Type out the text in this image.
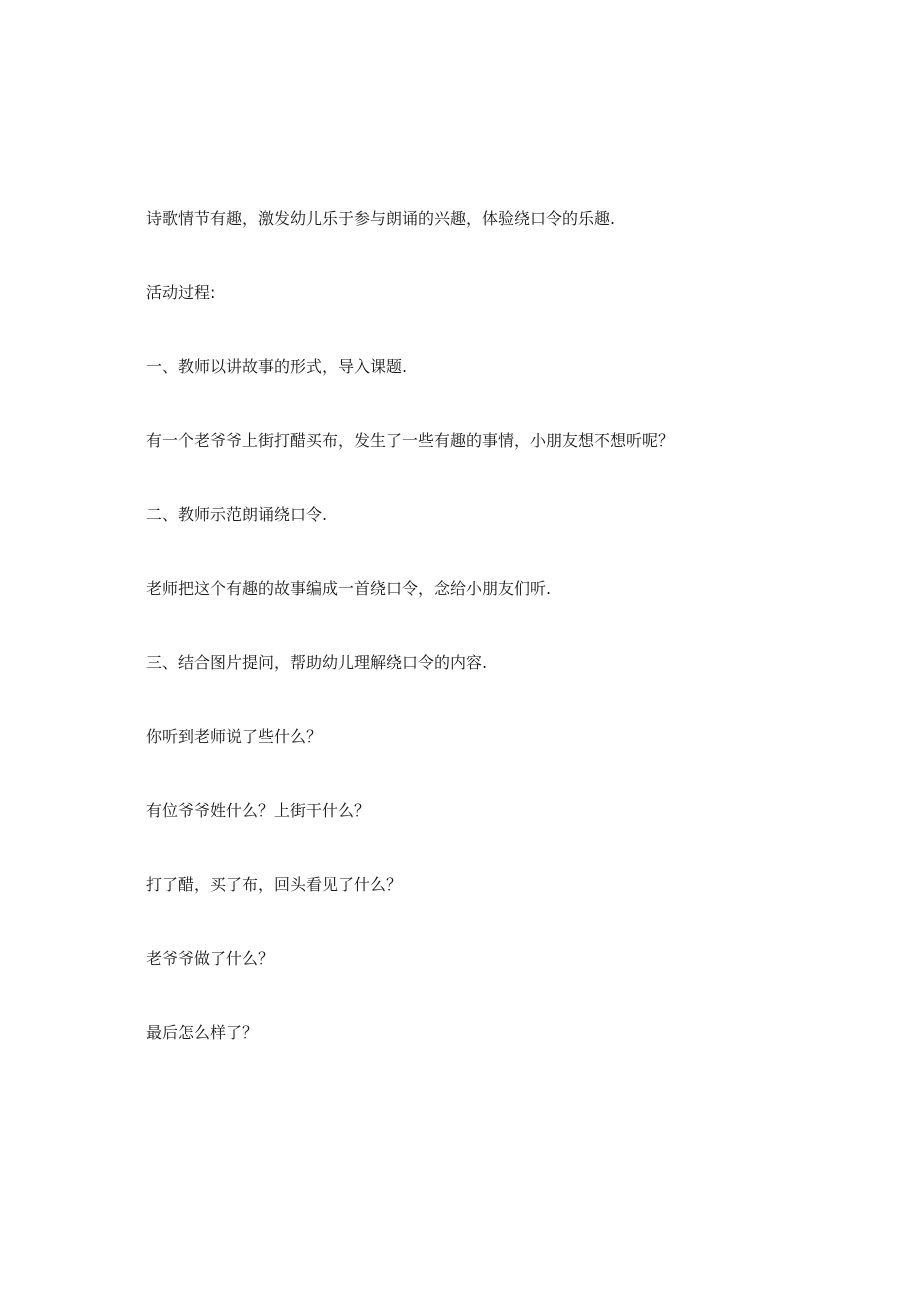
诗歌情节有趣，激发幼儿乐于参与朗诵的兴趣，体验绕口令的乐趣.

活动过程:

一、教师以讲故事的形式，导入课题.

有一个老爷爷上街打醋买布，发生了一些有趣的事情，小朋友想不想听呢？

二、教师示范朗诵绕口令.

老师把这个有趣的故事编成一首绕口令，念给小朋友们听.

三、结合图片提问，帮助幼儿理解绕口令的内容.

你听到老师说了些什么？

有位爷爷姓什么？上街干什么？

打了醋，买了布，回头看见了什么？

老爷爷做了什么？

最后怎么样了？
